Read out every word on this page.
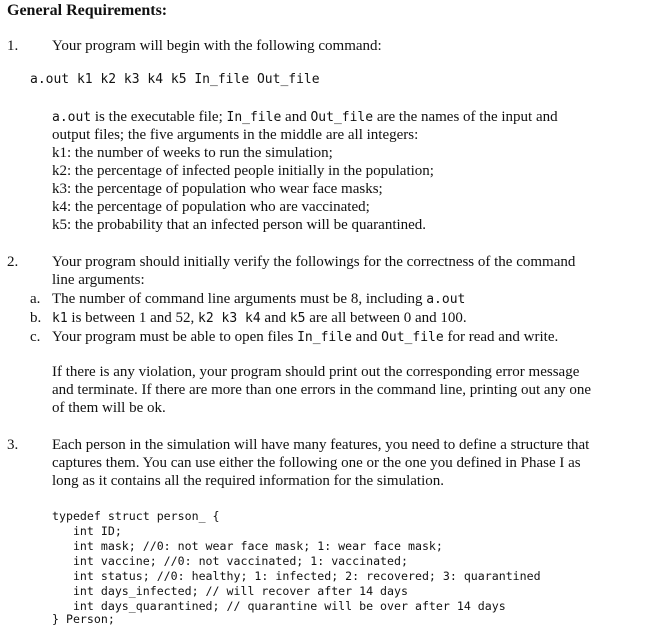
General Requirements:
1. Your program will begin with the following command:
a.out k1 k2 k3 k4 k5 In_file Out_file
a.out is the executable file; In_file and Out_file are the names of the input and
output files; the five arguments in the middle are all integers:
k1: the number of weeks to run the simulation;
k2: the percentage of infected people initially in the population;
k3: the percentage of population who wear face masks;
k4: the percentage of population who are vaccinated;
k5: the probability that an infected person will be quarantined.
2. Your program should initially verify the followings for the correctness of the command
line arguments:
a. The number of command line arguments must be 8, including a.out
b. k1 is between 1 and 52, k2 k3 k4 and k5 are all between 0 and 100.
c. Your program must be able to open files In_file and Out_file for read and write.
If there is any violation, your program should print out the corresponding error message
and terminate. If there are more than one errors in the command line, printing out any one
of them will be ok.
3. Each person in the simulation will have many features, you need to define a structure that
captures them. You can use either the following one or the one you defined in Phase I as
long as it contains all the required information for the simulation.
typedef struct person_ {
int ID;
int mask; //0: not wear face mask; 1: wear face mask;
int vaccine; //0: not vaccinated; 1: vaccinated;
int status; //0: healthy; 1: infected; 2: recovered; 3: quarantined
int days_infected; // will recover after 14 days
int days_quarantined; // quarantine will be over after 14 days
} Person;
